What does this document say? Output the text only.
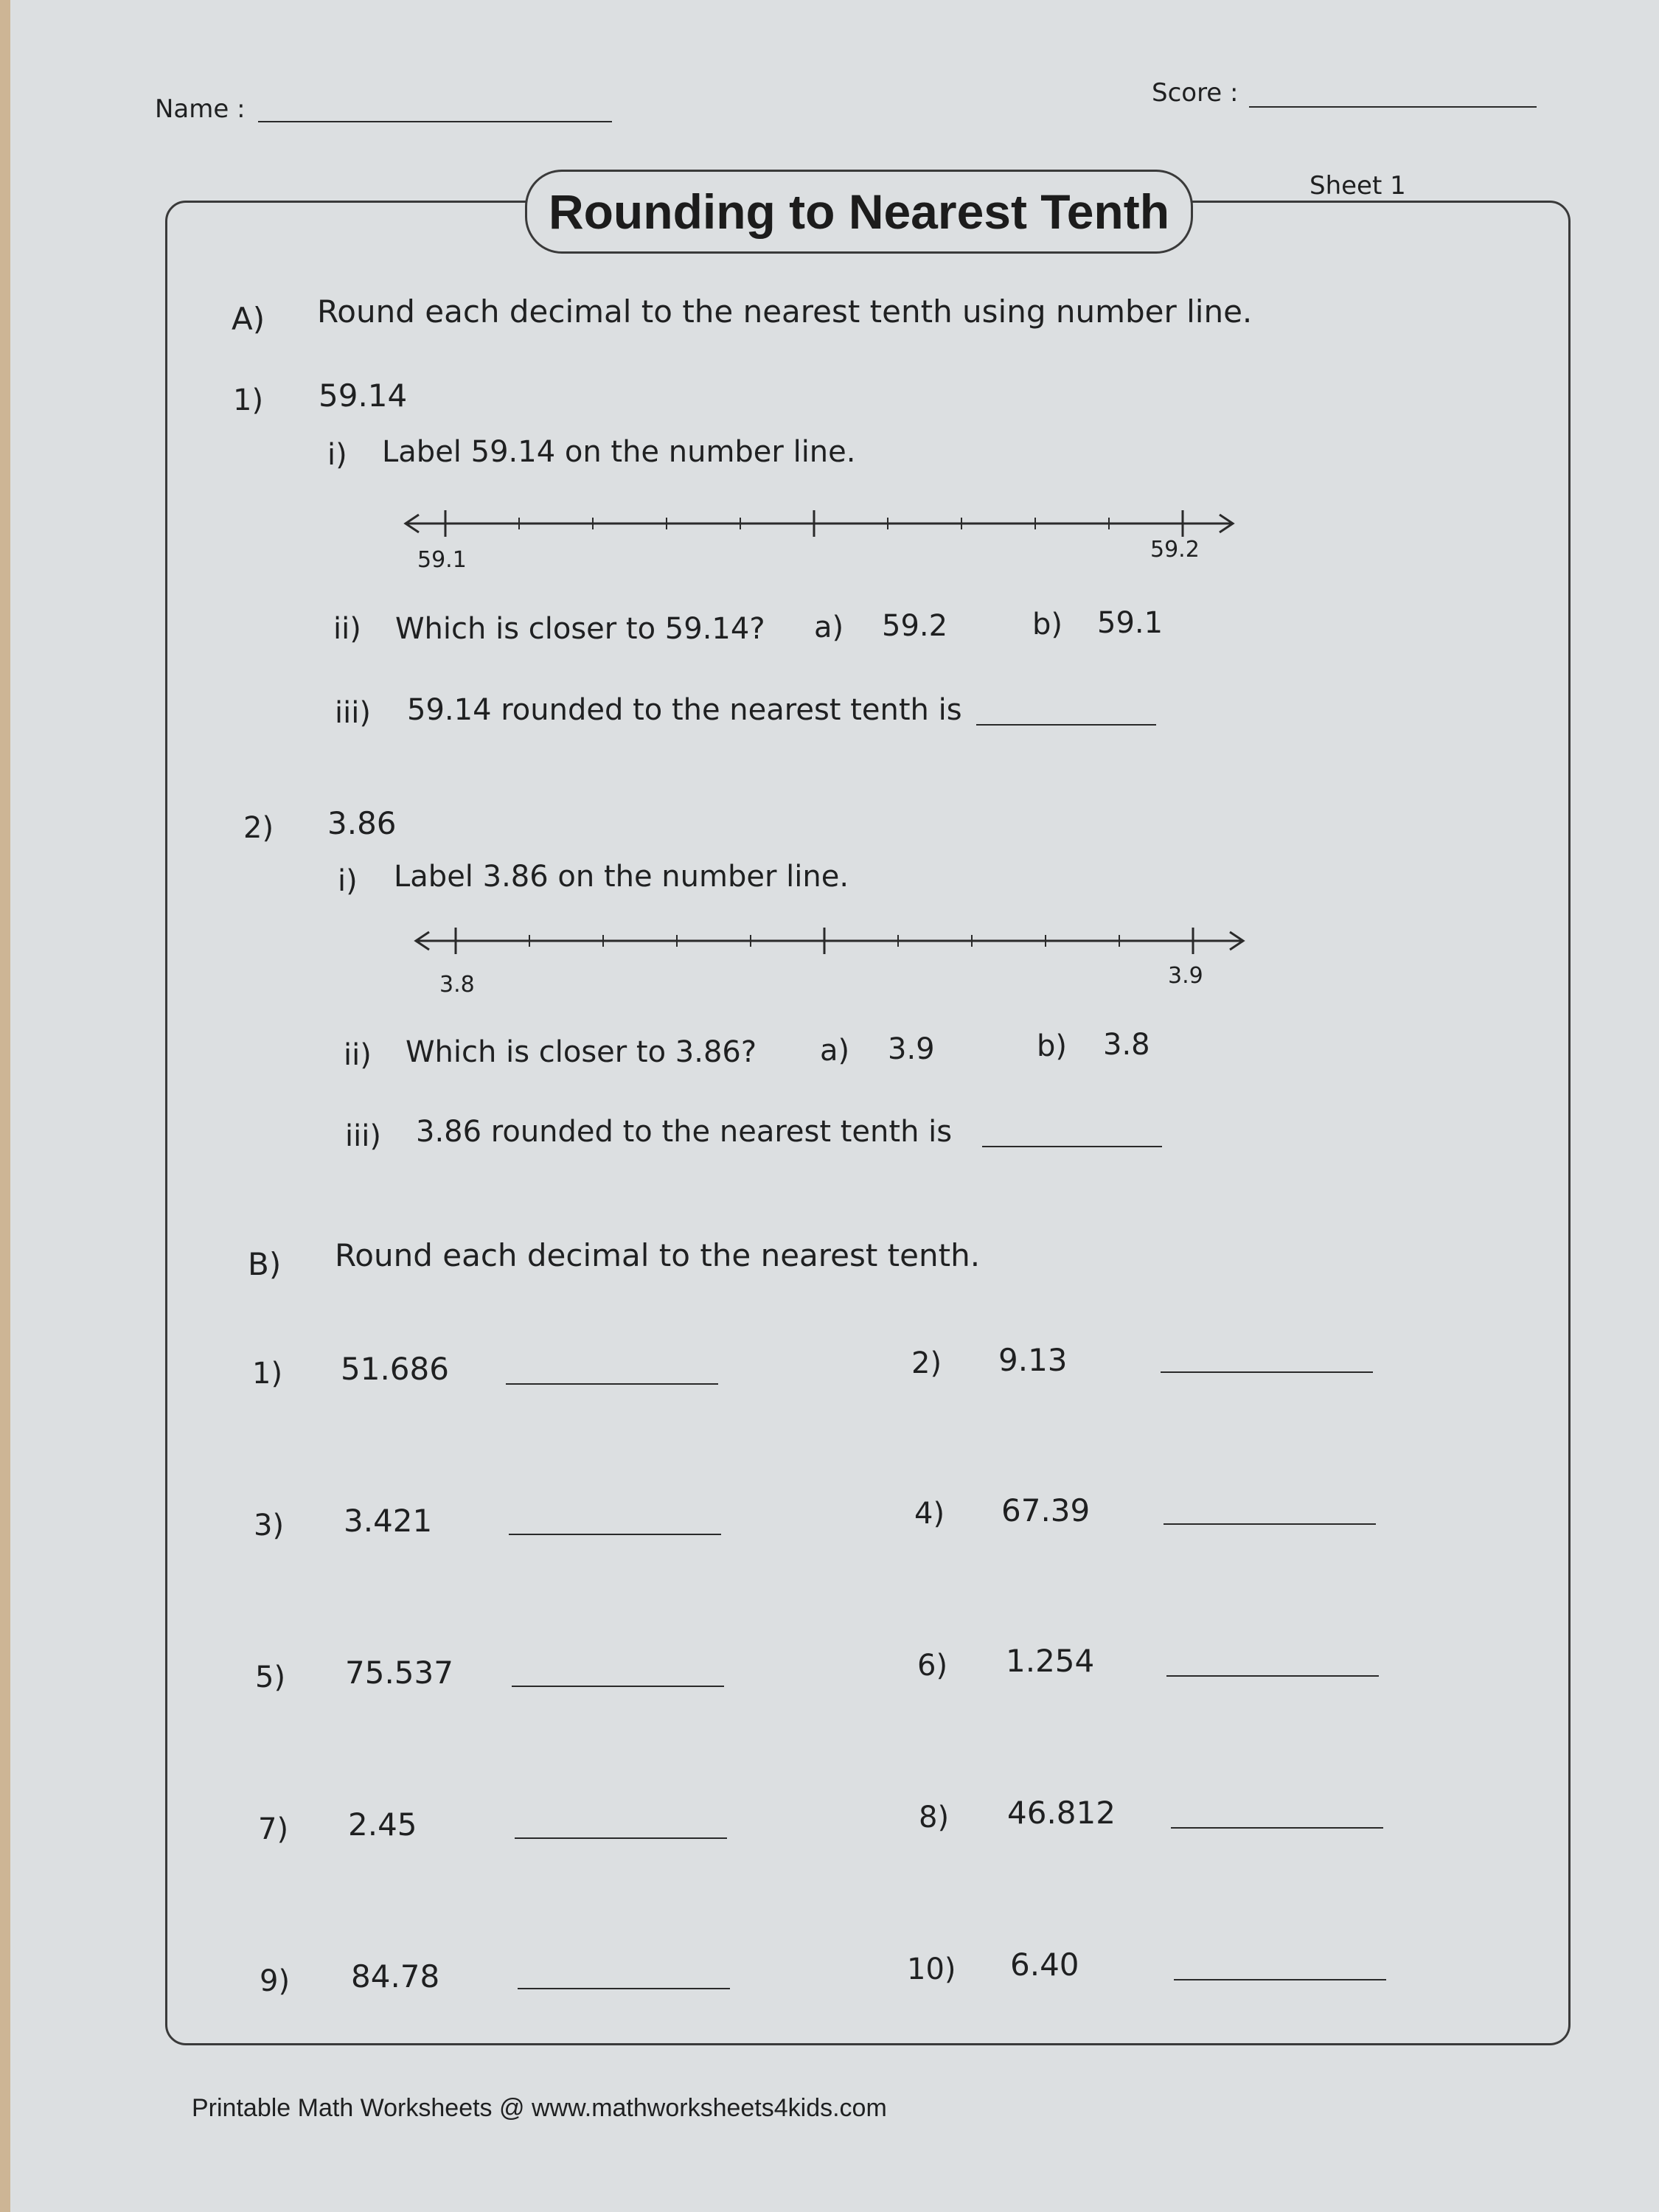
Name :
Score :
Sheet 1
Rounding to Nearest Tenth
A) Round each decimal to the nearest tenth using number line.
1) 59.14
i) Label 59.14 on the number line.
59.1	59.2
ii) Which is closer to 59.14? a) 59.2	b) 59.1
iii) 59.14 rounded to the nearest tenth is
2) 3.86
i) Label 3.86 on the number line.
3.8	3.9
ii) Which is closer to 3.86? a) 3.9	b) 3.8
iii) 3.86 rounded to the nearest tenth is
B) Round each decimal to the nearest tenth.
1) 51.686	2) 9.13
3) 3.421	4) 67.39
5) 75.537	6) 1.254
7) 2.45	8) 46.812
9) 84.78	10) 6.40
Printable Math Worksheets @ www.mathworksheets4kids.com
